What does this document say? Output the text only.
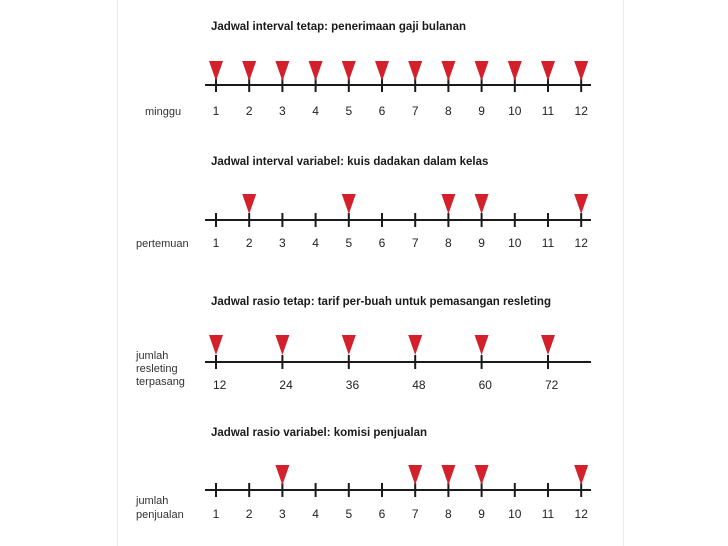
Jadwal interval tetap: penerimaan gaji bulanan
minggu	1 2 3 4 5 6 7 8 9 10 11 12
Jadwal interval variabel: kuis dadakan dalam kelas
pertemuan 1 2 3 4 5 6 7 8 9 10 11 12
Jadwal rasio tetap: tarif per-buah untuk pemasangan resleting
jumlah
resleting
terpasang 12	24	36	48	60	72
Jadwal rasio variabel: komisi penjualan
jumlah
penjualan 1 2 3 4 5 6 7 8 9 10 11 12
